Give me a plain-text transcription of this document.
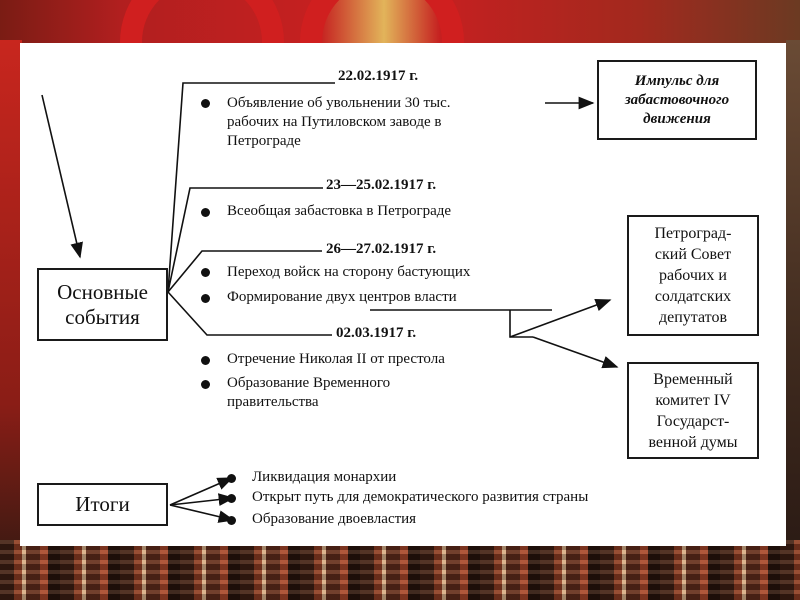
Основные
события
Итоги
Импульс для
забастовочного
движения
Петроград-
ский Совет
рабочих и
солдатских
депутатов
Временный
комитет IV
Государст-
венной думы
22.02.1917 г.
Объявление об увольнении 30 тыс.
рабочих на Путиловском заводе в
Петрограде
23—25.02.1917 г.
Всеобщая забастовка в Петрограде
26—27.02.1917 г.
Переход войск на сторону бастующих
Формирование двух центров власти
02.03.1917 г.
Отречение Николая II от престола
Образование Временного
правительства
Ликвидация монархии
Открыт путь для демократического развития страны
Образование двоевластия
